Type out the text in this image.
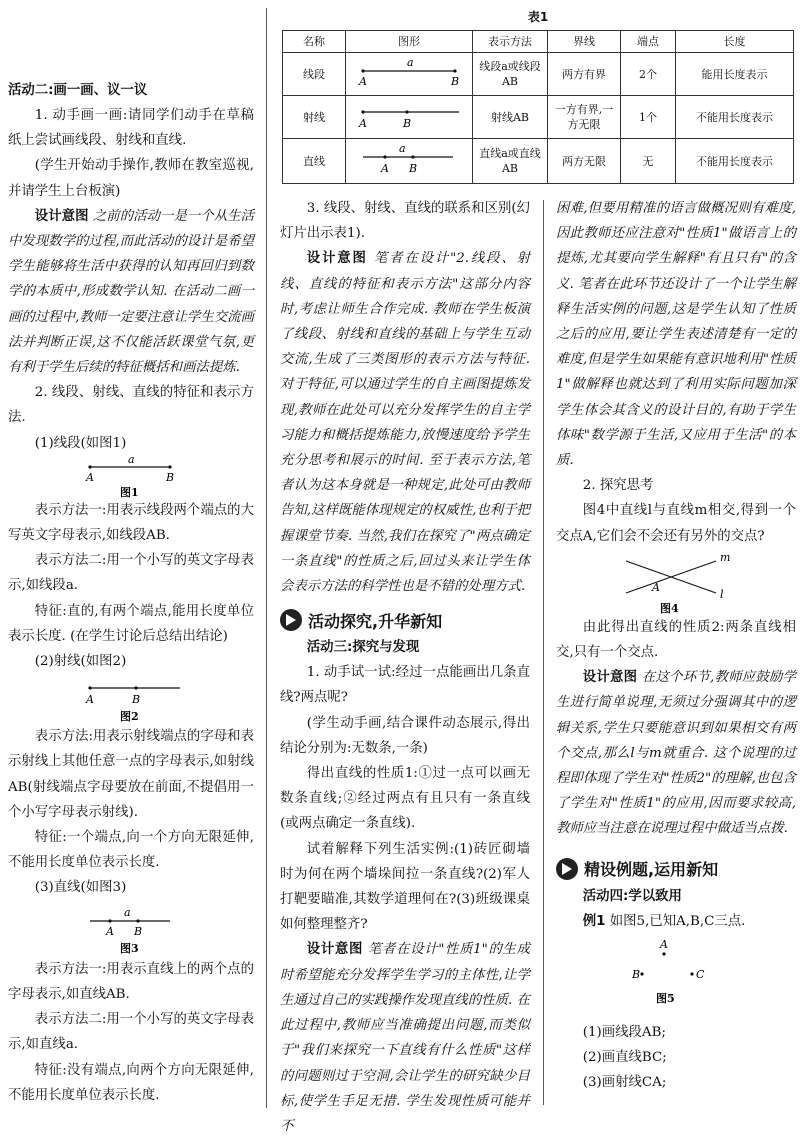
活动二:画一画、议一议

1. 动手画一画:请同学们动手在草稿纸上尝试画线段、射线和直线.

(学生开始动手操作,教师在教室巡视,并请学生上台板演)

设计意图 之前的活动一是一个从生活中发现数学的过程,而此活动的设计是希望学生能够将生活中获得的认知再回归到数学的本质中,形成数学认知. 在活动二画一画的过程中,教师一定要注意让学生交流画法并判断正误,这不仅能活跃课堂气氛,更有利于学生后续的特征概括和画法提炼.

2. 线段、射线、直线的特征和表示方法.

(1)线段(如图1)

a
A	B
图1

表示方法一:用表示线段两个端点的大写英文字母表示,如线段AB.

表示方法二:用一个小写的英文字母表示,如线段a.

特征:直的,有两个端点,能用长度单位表示长度. (在学生讨论后总结出结论)

(2)射线(如图2)

A	B
图2

表示方法:用表示射线端点的字母和表示射线上其他任意一点的字母表示,如射线AB(射线端点字母要放在前面,不提倡用一个小写字母表示射线).

特征:一个端点,向一个方向无限延伸,不能用长度单位表示长度.

(3)直线(如图3)

a
A B
图3

表示方法一:用表示直线上的两个点的字母表示,如直线AB.

表示方法二:用一个小写的英文字母表示,如直线a.

特征:没有端点,向两个方向无限延伸,不能用长度单位表示长度.

表1
名称	图形	表示方法	界线	端点	长度
线段	a
A B	线段a或线段AB	两方有界	2个	能用长度表示
射线	A B	射线AB	一方有界,一方无限	1个	不能用长度表示
直线	a
A B	直线a或直线AB	两方无限	无	不能用长度表示

3. 线段、射线、直线的联系和区别(幻灯片出示表1).

设计意图 笔者在设计"2.线段、射线、直线的特征和表示方法"这部分内容时,考虑让师生合作完成. 教师在学生板演了线段、射线和直线的基础上与学生互动交流,生成了三类图形的表示方法与特征. 对于特征,可以通过学生的自主画图提炼发现,教师在此处可以充分发挥学生的自主学习能力和概括提炼能力,放慢速度给予学生充分思考和展示的时间. 至于表示方法,笔者认为这本身就是一种规定,此处可由教师告知,这样既能体现规定的权威性,也利于把握课堂节奏. 当然,我们在探究了"两点确定一条直线"的性质之后,回过头来让学生体会表示方法的科学性也是不错的处理方式.

活动探究,升华新知

活动三:探究与发现

1. 动手试一试:经过一点能画出几条直线?两点呢?

(学生动手画,结合课件动态展示,得出结论分别为:无数条,一条)

得出直线的性质1:①过一点可以画无数条直线;②经过两点有且只有一条直线(或两点确定一条直线).

试着解释下列生活实例:(1)砖匠砌墙时为何在两个墙垛间拉一条直线?(2)军人打靶要瞄准,其数学道理何在?(3)班级课桌如何整理整齐?

设计意图 笔者在设计"性质1"的生成时希望能充分发挥学生学习的主体性,让学生通过自己的实践操作发现直线的性质. 在此过程中,教师应当准确提出问题,而类似于"我们来探究一下直线有什么性质"这样的问题则过于空洞,会让学生的研究缺少目标,使学生手足无措. 学生发现性质可能并不

困难,但要用精准的语言做概况则有难度,因此教师还应注意对"性质1"做语言上的提炼,尤其要向学生解释"有且只有"的含义. 笔者在此环节还设计了一个让学生解释生活实例的问题,这是学生认知了性质之后的应用,要让学生表述清楚有一定的难度,但是学生如果能有意识地利用"性质1"做解释也就达到了利用实际问题加深学生体会其含义的设计目的,有助于学生体味"数学源于生活,又应用于生活"的本质.

2. 探究思考

图4中直线l与直线m相交,得到一个交点A,它们会不会还有另外的交点?

m
l
A
图4

由此得出直线的性质2:两条直线相交,只有一个交点.

设计意图 在这个环节,教师应鼓励学生进行简单说理,无须过分强调其中的逻辑关系,学生只要能意识到如果相交有两个交点,那么l与m就重合. 这个说理的过程即体现了学生对"性质2"的理解,也包含了学生对"性质1"的应用,因而要求较高,教师应当注意在说理过程中做适当点拨.

精设例题,运用新知

活动四:学以致用

例1 如图5,已知A,B,C三点.

A
B	C
图5

(1)画线段AB;

(2)画直线BC;

(3)画射线CA;
